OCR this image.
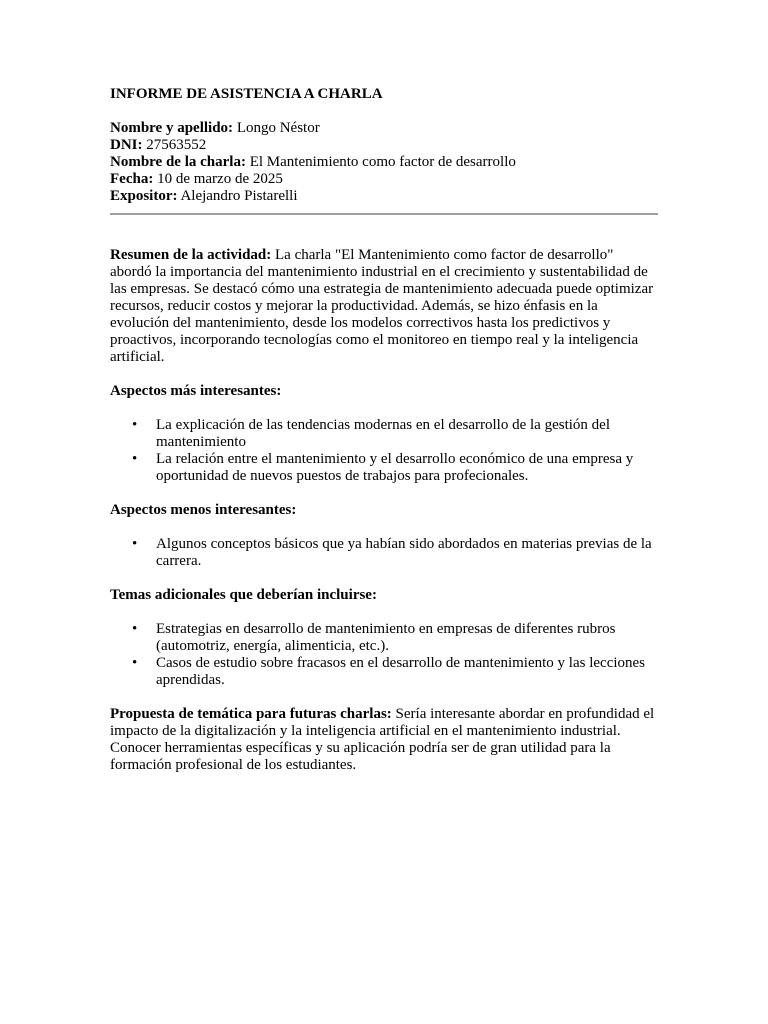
INFORME DE ASISTENCIA A CHARLA
Nombre y apellido: Longo Néstor
DNI: 27563552
Nombre de la charla: El Mantenimiento como factor de desarrollo
Fecha: 10 de marzo de 2025
Expositor: Alejandro Pistarelli

Resumen de la actividad: La charla "El Mantenimiento como factor de desarrollo" abordó la importancia del mantenimiento industrial en el crecimiento y sustentabilidad de las empresas. Se destacó cómo una estrategia de mantenimiento adecuada puede optimizar recursos, reducir costos y mejorar la productividad. Además, se hizo énfasis en la evolución del mantenimiento, desde los modelos correctivos hasta los predictivos y proactivos, incorporando tecnologías como el monitoreo en tiempo real y la inteligencia artificial.

Aspectos más interesantes:
• La explicación de las tendencias modernas en el desarrollo de la gestión del mantenimiento
• La relación entre el mantenimiento y el desarrollo económico de una empresa y oportunidad de nuevos puestos de trabajos para profecionales.
Aspectos menos interesantes:
• Algunos conceptos básicos que ya habían sido abordados en materias previas de la carrera.
Temas adicionales que deberían incluirse:
• Estrategias en desarrollo de mantenimiento en empresas de diferentes rubros (automotriz, energía, alimenticia, etc.).
• Casos de estudio sobre fracasos en el desarrollo de mantenimiento y las lecciones aprendidas.

Propuesta de temática para futuras charlas: Sería interesante abordar en profundidad el impacto de la digitalización y la inteligencia artificial en el mantenimiento industrial. Conocer herramientas específicas y su aplicación podría ser de gran utilidad para la formación profesional de los estudiantes.
